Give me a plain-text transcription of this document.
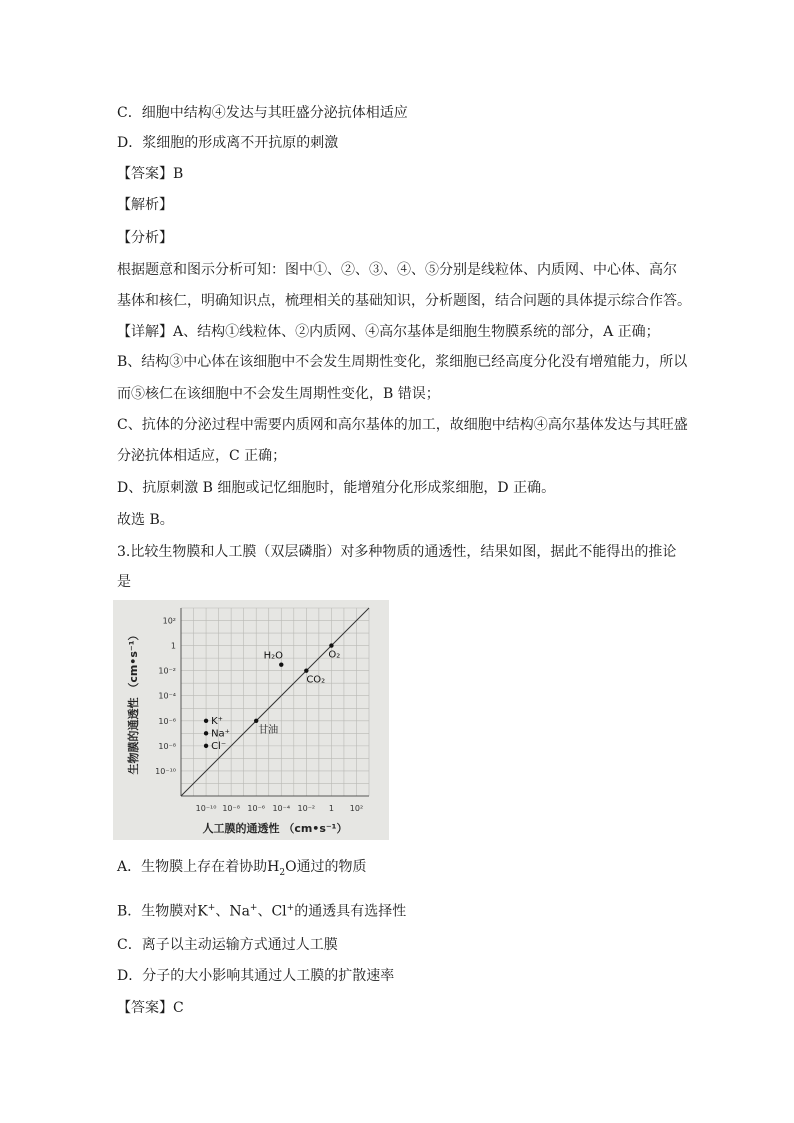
C．细胞中结构④发达与其旺盛分泌抗体相适应
D．浆细胞的形成离不开抗原的刺激
【答案】B
【解析】
【分析】
根据题意和图示分析可知：图中①、②、③、④、⑤分别是线粒体、内质网、中心体、高尔
基体和核仁，明确知识点，梳理相关的基础知识，分析题图，结合问题的具体提示综合作答。
【详解】A、结构①线粒体、②内质网、④高尔基体是细胞生物膜系统的部分，A 正确；
B、结构③中心体在该细胞中不会发生周期性变化，浆细胞已经高度分化没有增殖能力，所以
而⑤核仁在该细胞中不会发生周期性变化，B 错误；
C、抗体的分泌过程中需要内质网和高尔基体的加工，故细胞中结构④高尔基体发达与其旺盛
分泌抗体相适应，C 正确；
D、抗原刺激 B 细胞或记忆细胞时，能增殖分化形成浆细胞，D 正确。
故选 B。
3.比较生物膜和人工膜（双层磷脂）对多种物质的通透性，结果如图，据此不能得出的推论
是
10⁻¹⁰ 10⁻⁸ 10⁻⁶ 10⁻⁴ 10⁻² 1 10²
10²
1
10⁻²
10⁻⁴
10⁻⁶
10⁻⁸
10⁻¹⁰
人工膜的通透性 （cm•s⁻¹）
生物膜的通透性 （cm•s⁻¹）	O₂
H₂O
CO₂
甘油
K⁺
Na⁺
Cl⁻
A．生物膜上存在着协助$H_2O$通过的物质
B．生物膜对K+、Na+、Cl+的通透具有选择性
C．离子以主动运输方式通过人工膜
D．分子的大小影响其通过人工膜的扩散速率
【答案】C
